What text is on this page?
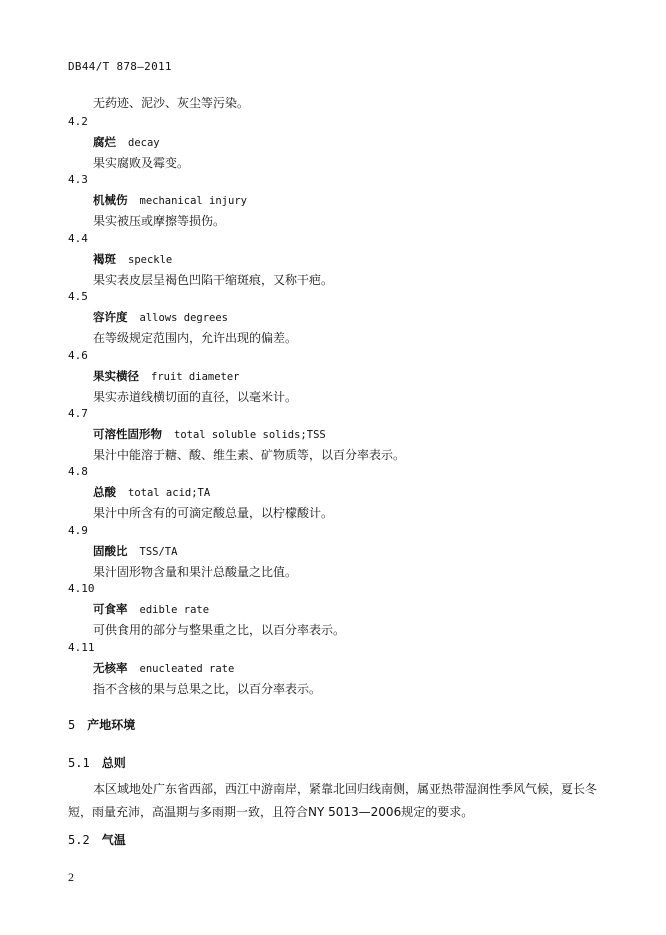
DB44/T 878—2011
无药迹、泥沙、灰尘等污染。
4.2
腐烂 decay
果实腐败及霉变。
4.3
机械伤 mechanical injury
果实被压或摩擦等损伤。
4.4
褐斑 speckle
果实表皮层呈褐色凹陷干缩斑痕，又称干疤。
4.5
容许度 allows degrees
在等级规定范围内，允许出现的偏差。
4.6
果实横径 fruit diameter
果实赤道线横切面的直径，以毫米计。
4.7
可溶性固形物 total soluble solids;TSS
果汁中能溶于糖、酸、维生素、矿物质等，以百分率表示。
4.8
总酸 total acid;TA
果汁中所含有的可滴定酸总量，以柠檬酸计。
4.9
固酸比 TSS/TA
果汁固形物含量和果汁总酸量之比值。
4.10
可食率 edible rate
可供食用的部分与整果重之比，以百分率表示。
4.11
无核率 enucleated rate
指不含核的果与总果之比，以百分率表示。
5 产地环境
5.1 总则
本区域地处广东省西部，西江中游南岸，紧靠北回归线南侧，属亚热带湿润性季风气候，夏长冬短，雨量充沛，高温期与多雨期一致，且符合NY 5013—2006规定的要求。
5.2 气温
2
